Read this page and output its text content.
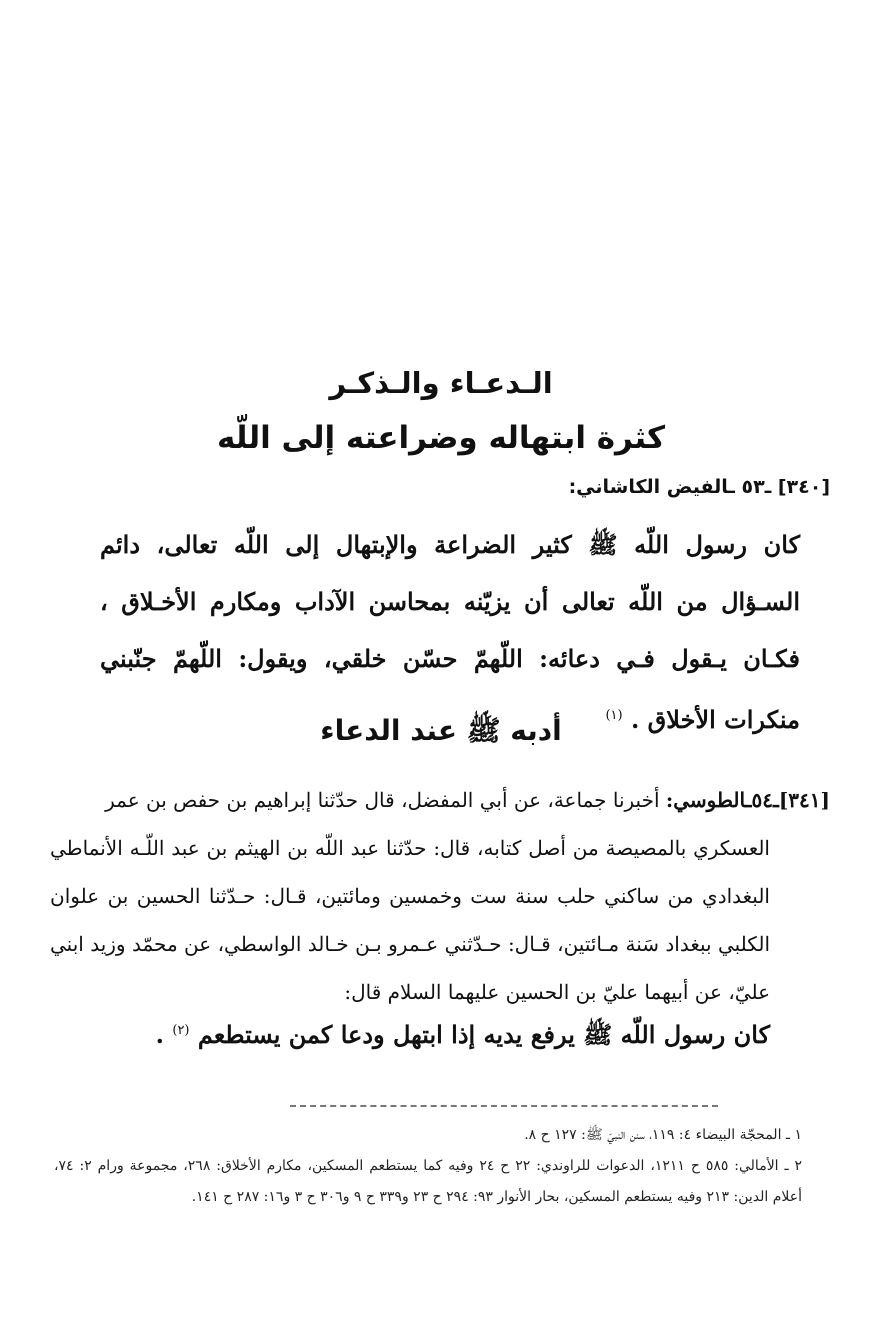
الـدعـاء والـذكـر
كثرة ابتهاله وضراعته إلى اللّه
[٣٤٠] ـ٥٣ ـالفيض الكاشاني:

كان رسول اللّه ﷺ كثير الضراعة والإبتهال إلى اللّه تعالى، دائم السـؤال من اللّه تعالى أن يزيّنه بمحاسن الآداب ومكارم الأخـلاق ، فكـان يـقول فـي دعائه: اللّهمّ حسّن خلقي، ويقول: اللّهمّ جنّبني منكرات الأخلاق . $^{(١)}$

أدبه ﷺ عند الدعاء
[٣٤١]ـ٥٤ـالطوسي: أخبرنا جماعة، عن أبي المفضل، قال حدّثنا إبراهيم بن حفص بن عمر
العسكري بالمصيصة من أصل كتابه، قال: حدّثنا عبد اللّه بن الهيثم بن عبد اللّـه الأنماطي البغدادي من ساكني حلب سنة ست وخمسين ومائتين، قـال: حـدّثنا الحسين بن علوان الكلبي ببغداد سَنة مـائتين، قـال: حـدّثني عـمرو بـن خـالد الواسطي، عن محمّد وزيد ابني عليّ، عن أبيهما عليّ بن الحسين عليهما السلام قال:
كان رسول اللّه ﷺ يرفع يديه إذا ابتهل ودعا كمن يستطعم $^{(٢)}$ .

١ ـ المحجّة البيضاء ٤: ١١٩، سنن النبيّ ﷺ: ١٢٧ ح ٨.

٢ ـ الأمالي: ٥٨٥ ح ١٢١١، الدعوات للراوندي: ٢٢ ح ٢٤ وفيه كما يستطعم المسكين، مكارم الأخلاق: ٢٦٨، مجموعة ورام ٢: ٧٤، أعلام الدين: ٢١٣ وفيه يستطعم المسكين، بحار الأنوار ٩٣: ٢٩٤ ح ٢٣ و٣٣٩ ح ٩ و٣٠٦ ح ٣ و١٦: ٢٨٧ ح ١٤١.
